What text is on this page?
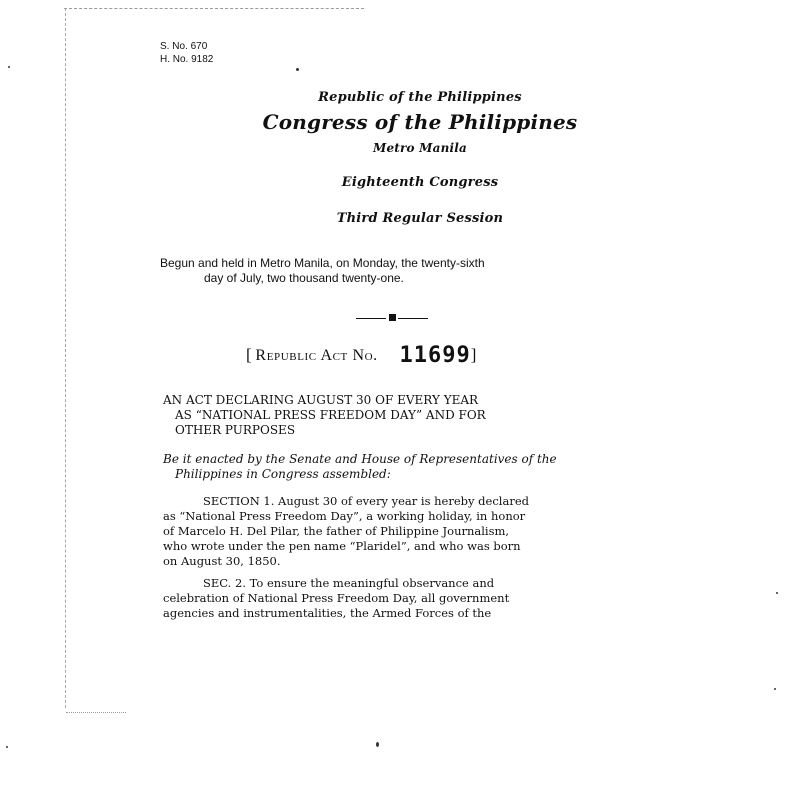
S. No. 670
H. No. 9182
Republic of the Philippines
Congress of the Philippines
Metro Manila
Eighteenth Congress
Third Regular Session
Begun and held in Metro Manila, on Monday, the twenty-sixth
day of July, two thousand twenty-one.
[ Republic Act No. 11699]
AN ACT DECLARING AUGUST 30 OF EVERY YEAR
AS “NATIONAL PRESS FREEDOM DAY” AND FOR
OTHER PURPOSES
Be it enacted by the Senate and House of Representatives of the
Philippines in Congress assembled:
SECTION 1. August 30 of every year is hereby declared
as “National Press Freedom Day”, a working holiday, in honor
of Marcelo H. Del Pilar, the father of Philippine Journalism,
who wrote under the pen name “Plaridel”, and who was born
on August 30, 1850.
SEC. 2. To ensure the meaningful observance and
celebration of National Press Freedom Day, all government
agencies and instrumentalities, the Armed Forces of the
